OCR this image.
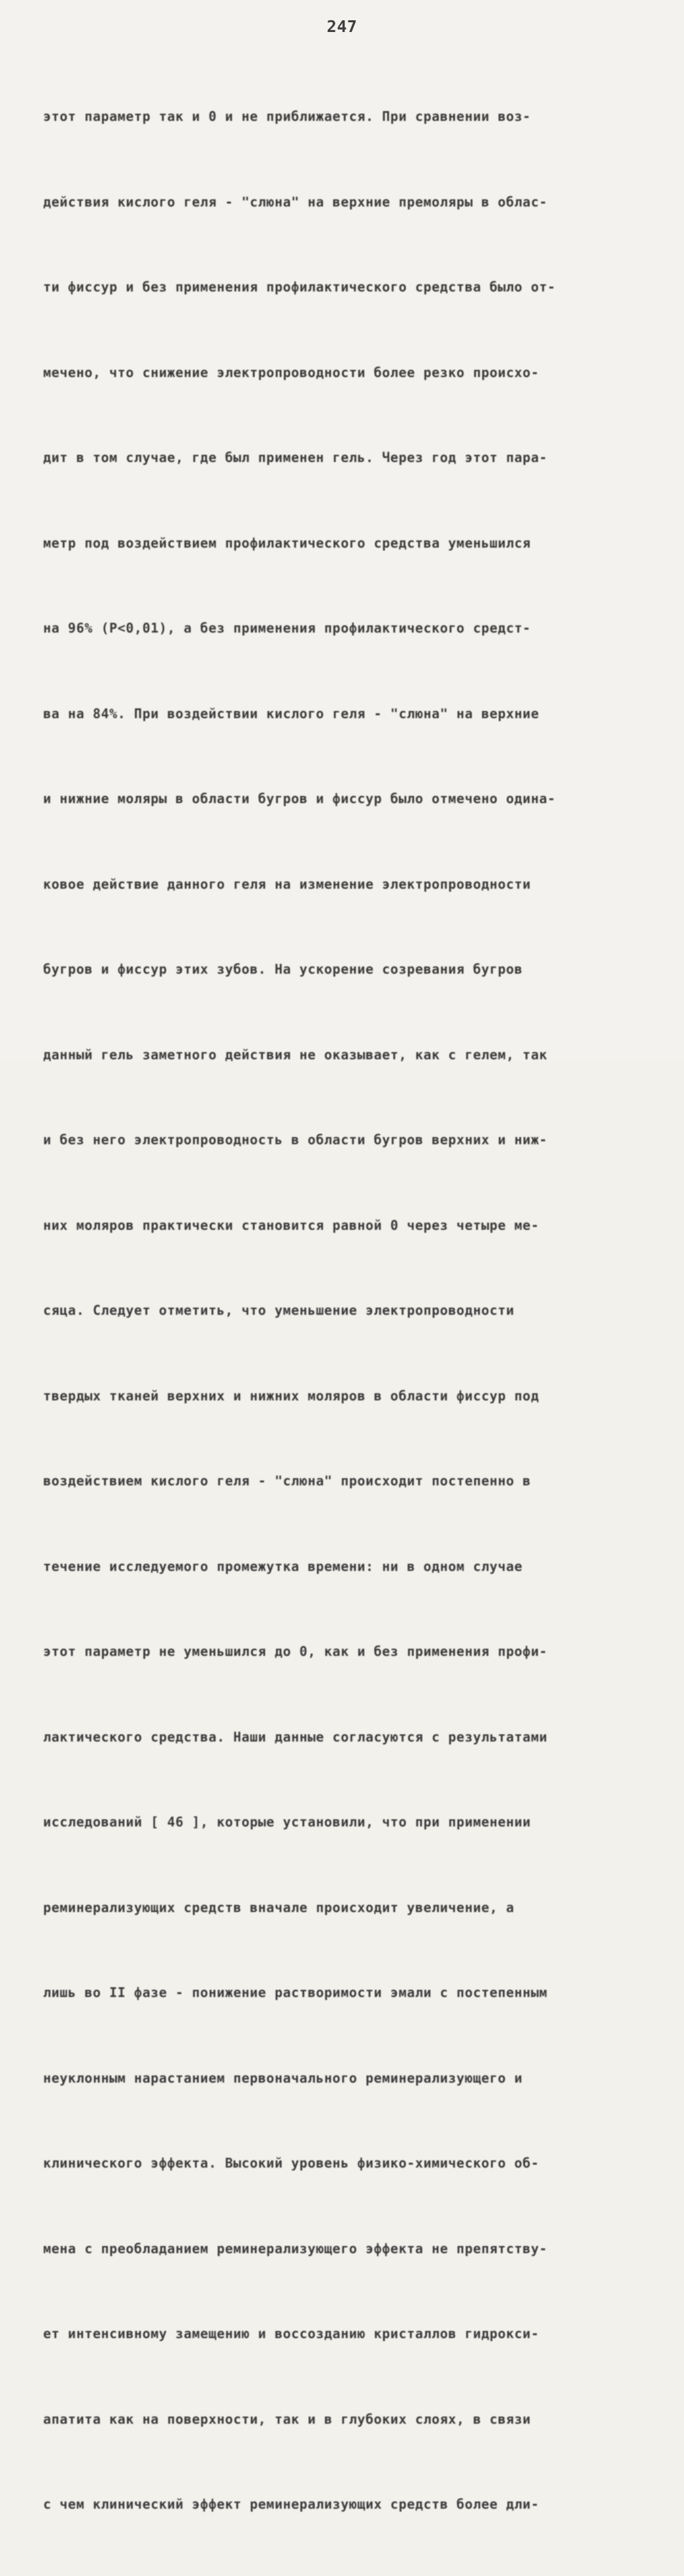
247

этот параметр так и 0 и не приближается. При сравнении воз-

действия кислого геля - "слюна" на верхние премоляры в облас-

ти фиссур и без применения профилактического средства было от-

мечено, что снижение электропроводности более резко происхо-

дит в том случае, где был применен гель. Через год этот пара-

метр под воздействием профилактического средства уменьшился

на 96% (P<0,01), а без применения профилактического средст-

ва на 84%. При воздействии кислого геля - "слюна" на верхние

и нижние моляры в области бугров и фиссур было отмечено одина-

ковое действие данного геля на изменение электропроводности

бугров и фиссур этих зубов. На ускорение созревания бугров

данный гель заметного действия не оказывает, как с гелем, так

и без него электропроводность в области бугров верхних и ниж-

них моляров практически становится равной 0 через четыре ме-

сяца. Следует отметить, что уменьшение электропроводности

твердых тканей верхних и нижних моляров в области фиссур под

воздействием кислого геля - "слюна" происходит постепенно в

течение исследуемого промежутка времени: ни в одном случае

этот параметр не уменьшился до 0, как и без применения профи-

лактического средства. Наши данные согласуются с результатами

исследований [ 46 ], которые установили, что при применении

реминерализующих средств вначале происходит увеличение, а

лишь во II фазе - понижение растворимости эмали с постепенным

неуклонным нарастанием первоначального реминерализующего и

клинического эффекта. Высокий уровень физико-химического об-

мена с преобладанием реминерализующего эффекта не препятству-

ет интенсивному замещению и воссозданию кристаллов гидрокси-

апатита как на поверхности, так и в глубоких слоях, в связи

с чем клинический эффект реминерализующих средств более дли-
